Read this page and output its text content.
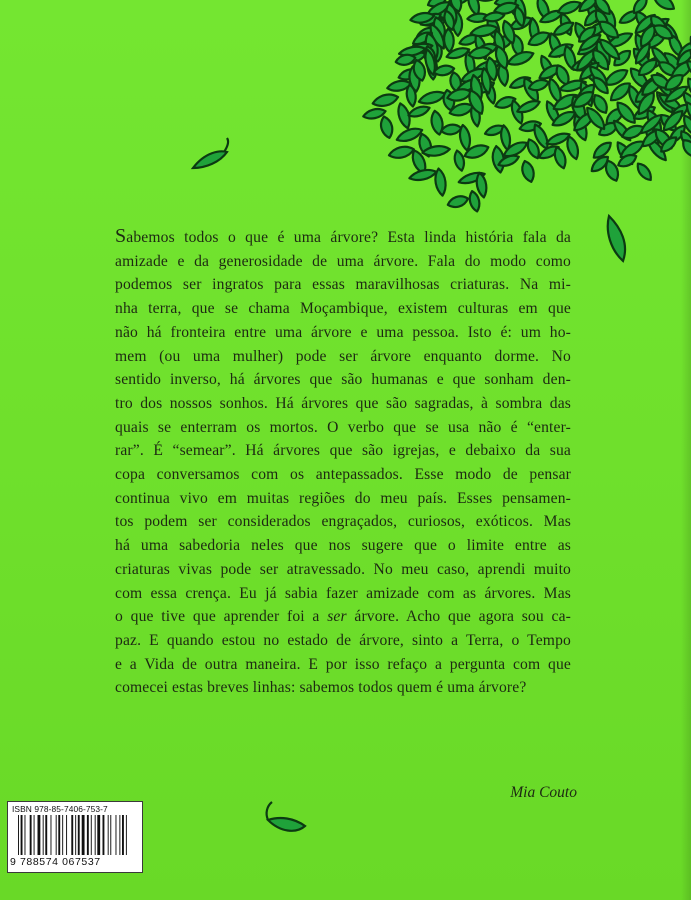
Sabemos todos o que é uma árvore? Esta linda história fala da
amizade e da generosidade de uma árvore. Fala do modo como
podemos ser ingratos para essas maravilhosas criaturas. Na mi-
nha terra, que se chama Moçambique, existem culturas em que
não há fronteira entre uma árvore e uma pessoa. Isto é: um ho-
mem (ou uma mulher) pode ser árvore enquanto dorme. No
sentido inverso, há árvores que são humanas e que sonham den-
tro dos nossos sonhos. Há árvores que são sagradas, à sombra das
quais se enterram os mortos. O verbo que se usa não é “enter-
rar”. É “semear”. Há árvores que são igrejas, e debaixo da sua
copa conversamos com os antepassados. Esse modo de pensar
continua vivo em muitas regiões do meu país. Esses pensamen-
tos podem ser considerados engraçados, curiosos, exóticos. Mas
há uma sabedoria neles que nos sugere que o limite entre as
criaturas vivas pode ser atravessado. No meu caso, aprendi muito
com essa crença. Eu já sabia fazer amizade com as árvores. Mas
o que tive que aprender foi a ser árvore. Acho que agora sou ca-
paz. E quando estou no estado de árvore, sinto a Terra, o Tempo
e a Vida de outra maneira. E por isso refaço a pergunta com que
comecei estas breves linhas: sabemos todos quem é uma árvore?
Mia Couto
ISBN 978-85-7406-753-7
9 788574 067537
